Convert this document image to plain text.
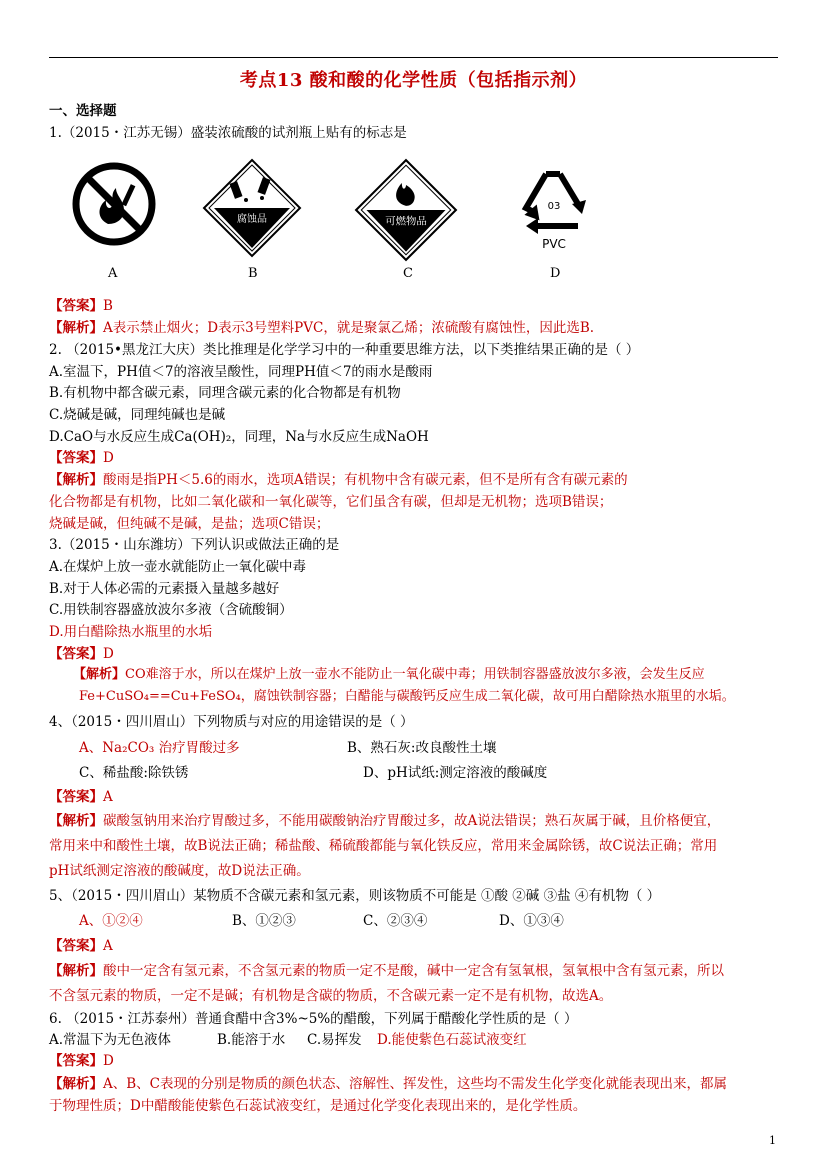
考点13 酸和酸的化学性质（包括指示剂）
一、选择题
1.（2015・江苏无锡）盛装浓硫酸的试剂瓶上贴有的标志是
A
腐蚀品
B
可燃物品
C
03
PVC
D
【答案】B
【解析】A表示禁止烟火；D表示3号塑料PVC，就是聚氯乙烯；浓硫酸有腐蚀性，因此选B.
2. （2015•黑龙江大庆）类比推理是化学学习中的一种重要思维方法，以下类推结果正确的是（ ）
A.室温下，PH值＜7的溶液呈酸性，同理PH值＜7的雨水是酸雨
B.有机物中都含碳元素，同理含碳元素的化合物都是有机物
C.烧碱是碱，同理纯碱也是碱
D.CaO与水反应生成Ca(OH)₂，同理，Na与水反应生成NaOH
【答案】D
【解析】酸雨是指PH＜5.6的雨水，选项A错误；有机物中含有碳元素，但不是所有含有碳元素的
化合物都是有机物，比如二氧化碳和一氧化碳等，它们虽含有碳，但却是无机物；选项B错误；
烧碱是碱，但纯碱不是碱，是盐；选项C错误；
3.（2015・山东潍坊）下列认识或做法正确的是
A.在煤炉上放一壶水就能防止一氧化碳中毒
B.对于人体必需的元素摄入量越多越好
C.用铁制容器盛放波尔多液（含硫酸铜）
D.用白醋除热水瓶里的水垢
【答案】D
【解析】CO难溶于水，所以在煤炉上放一壶水不能防止一氧化碳中毒；用铁制容器盛放波尔多液，会发生反应
Fe+CuSO₄==Cu+FeSO₄，腐蚀铁制容器；白醋能与碳酸钙反应生成二氧化碳，故可用白醋除热水瓶里的水垢。
4、（2015・四川眉山）下列物质与对应的用途错误的是（ ）
A、Na₂CO₃ 治疗胃酸过多	B、熟石灰:改良酸性土壤
C、稀盐酸:除铁锈	D、pH试纸:测定溶液的酸碱度
【答案】A
【解析】碳酸氢钠用来治疗胃酸过多，不能用碳酸钠治疗胃酸过多，故A说法错误；熟石灰属于碱，且价格便宜，
常用来中和酸性土壤，故B说法正确；稀盐酸、稀硫酸都能与氧化铁反应，常用来金属除锈，故C说法正确；常用
pH试纸测定溶液的酸碱度，故D说法正确。
5、（2015・四川眉山）某物质不含碳元素和氢元素，则该物质不可能是 ①酸 ②碱 ③盐 ④有机物（ ）
A、①②④	B、①②③	C、②③④	D、①③④
【答案】A
【解析】酸中一定含有氢元素，不含氢元素的物质一定不是酸，碱中一定含有氢氧根，氢氧根中含有氢元素，所以
不含氢元素的物质，一定不是碱；有机物是含碳的物质，不含碳元素一定不是有机物，故选A。
6. （2015・江苏泰州）普通食醋中含3%~5%的醋酸，下列属于醋酸化学性质的是（ ）
A.常温下为无色液体	B.能溶于水 C.易挥发 D.能使紫色石蕊试液变红
【答案】D
【解析】A、B、C表现的分别是物质的颜色状态、溶解性、挥发性，这些均不需发生化学变化就能表现出来，都属
于物理性质；D中醋酸能使紫色石蕊试液变红，是通过化学变化表现出来的，是化学性质。
1
